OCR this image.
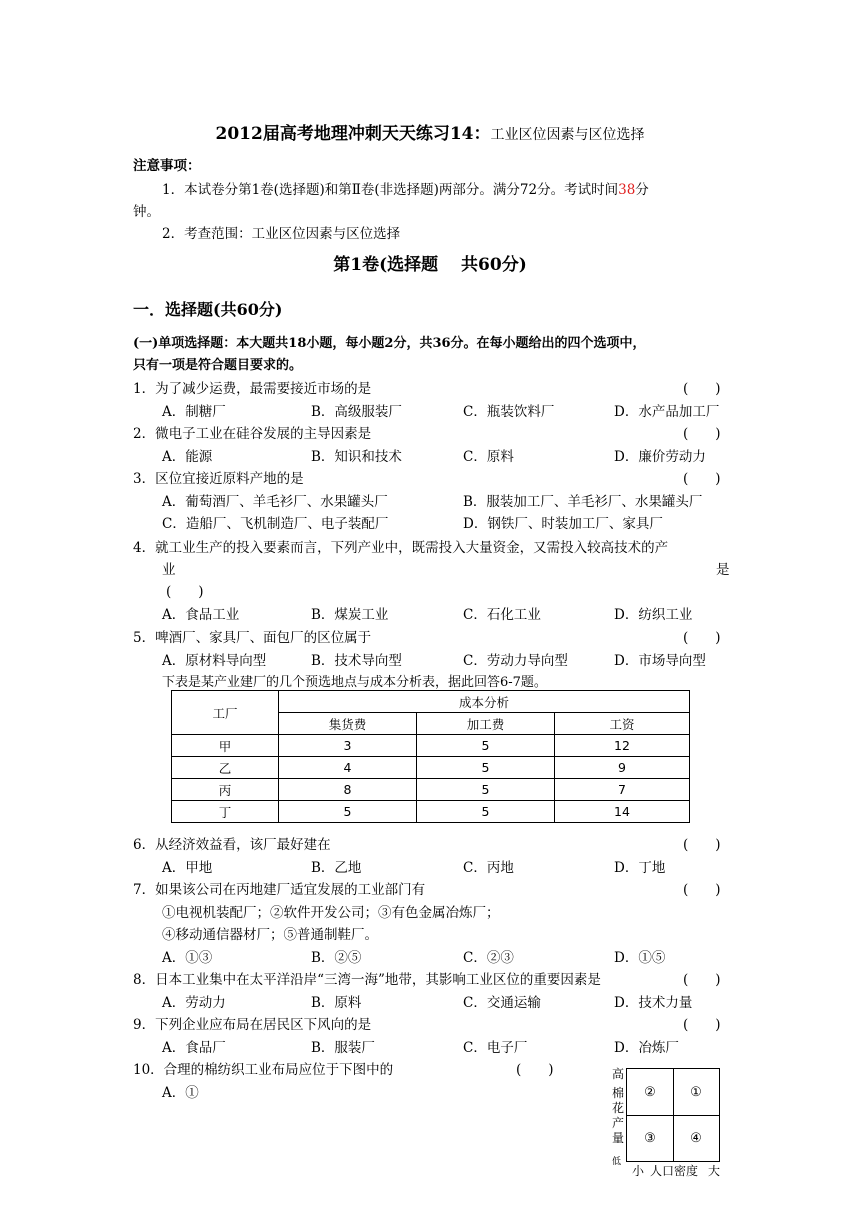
2012届高考地理冲刺天天练习14：工业区位因素与区位选择
注意事项：
1．本试卷分第1卷(选择题)和第Ⅱ卷(非选择题)两部分。满分72分。考试时间38分
钟。
2．考查范围：工业区位因素与区位选择
第1卷(选择题　 共60分)
一．选择题(共60分)
(一)单项选择题：本大题共18小题，每小题2分，共36分。在每小题给出的四个选项中，
只有一项是符合题目要求的。
1．为了减少运费，最需要接近市场的是	(　　)
A．制糖厂	B．高级服装厂	C．瓶装饮料厂	D．水产品加工厂
2．微电子工业在硅谷发展的主导因素是	(　　)
A．能源	B．知识和技术	C．原料	D．廉价劳动力
3．区位宜接近原料产地的是	(　　)
A．葡萄酒厂、羊毛衫厂、水果罐头厂	B．服装加工厂、羊毛衫厂、水果罐头厂
C．造船厂、飞机制造厂、电子装配厂	D．钢铁厂、时装加工厂、家具厂
4．就工业生产的投入要素而言，下列产业中，既需投入大量资金，又需投入较高技术的产
业	是
(　　)
A．食品工业	B．煤炭工业	C．石化工业	D．纺织工业
5．啤酒厂、家具厂、面包厂的区位属于	(　　)
A．原材料导向型	B．技术导向型	C．劳动力导向型	D．市场导向型
下表是某产业建厂的几个预选地点与成本分析表，据此回答6-7题。
工厂	成本分析		
	集货费	加工费	工资
甲	3	5	12
乙	4	5	9
丙	8	5	7
丁	5	5	14
6．从经济效益看，该厂最好建在	(　　)
A．甲地	B．乙地	C．丙地	D．丁地
7．如果该公司在丙地建厂适宜发展的工业部门有	(　　)
①电视机装配厂；②软件开发公司；③有色金属冶炼厂；
④移动通信器材厂；⑤普通制鞋厂。
A．①③	B．②⑤	C．②③	D．①⑤
8．日本工业集中在太平洋沿岸“三湾一海”地带，其影响工业区位的重要因素是	(　　)
A．劳动力	B．原料	C．交通运输	D．技术力量
9．下列企业应布局在居民区下风向的是	(　　)
A．食品厂	B．服装厂	C．电子厂	D．冶炼厂
10．合理的棉纺织工业布局应位于下图中的	(　　)
A．①
高
棉花产量
低
②	①
③	④
小 人口密度 大
